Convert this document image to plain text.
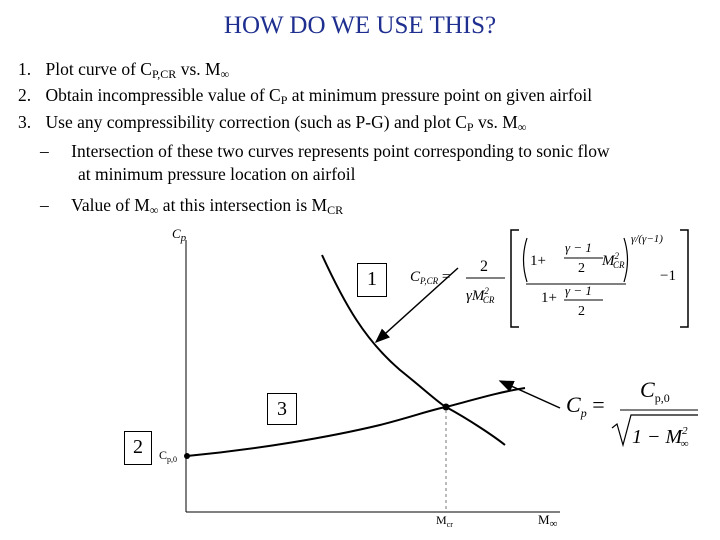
HOW DO WE USE THIS?
1. Plot curve of $C_{P,CR}$ vs. $M_\infty$
2. Obtain incompressible value of $C_P$ at minimum pressure point on given airfoil
3. Use any compressibility correction (such as P-G) and plot $C_P$ vs. $M_\infty$
– Intersection of these two curves represents point corresponding to sonic flow
at minimum pressure location on airfoil
– Value of $M_\infty$ at this intersection is $M_{CR}$
$C_p$
$C_{p,0}$
$M_{cr}$	$M_\infty$
1
3
2
$C_{P,CR}$ =
2
$\gamma M^2_{CR}$
1+
γ − 1
2 $M^2_{CR}$
γ/(γ−1)
1+ γ − 1
2
−1
$C_p$ =
$C_{p,0}$
$1 - M^2_\infty$
